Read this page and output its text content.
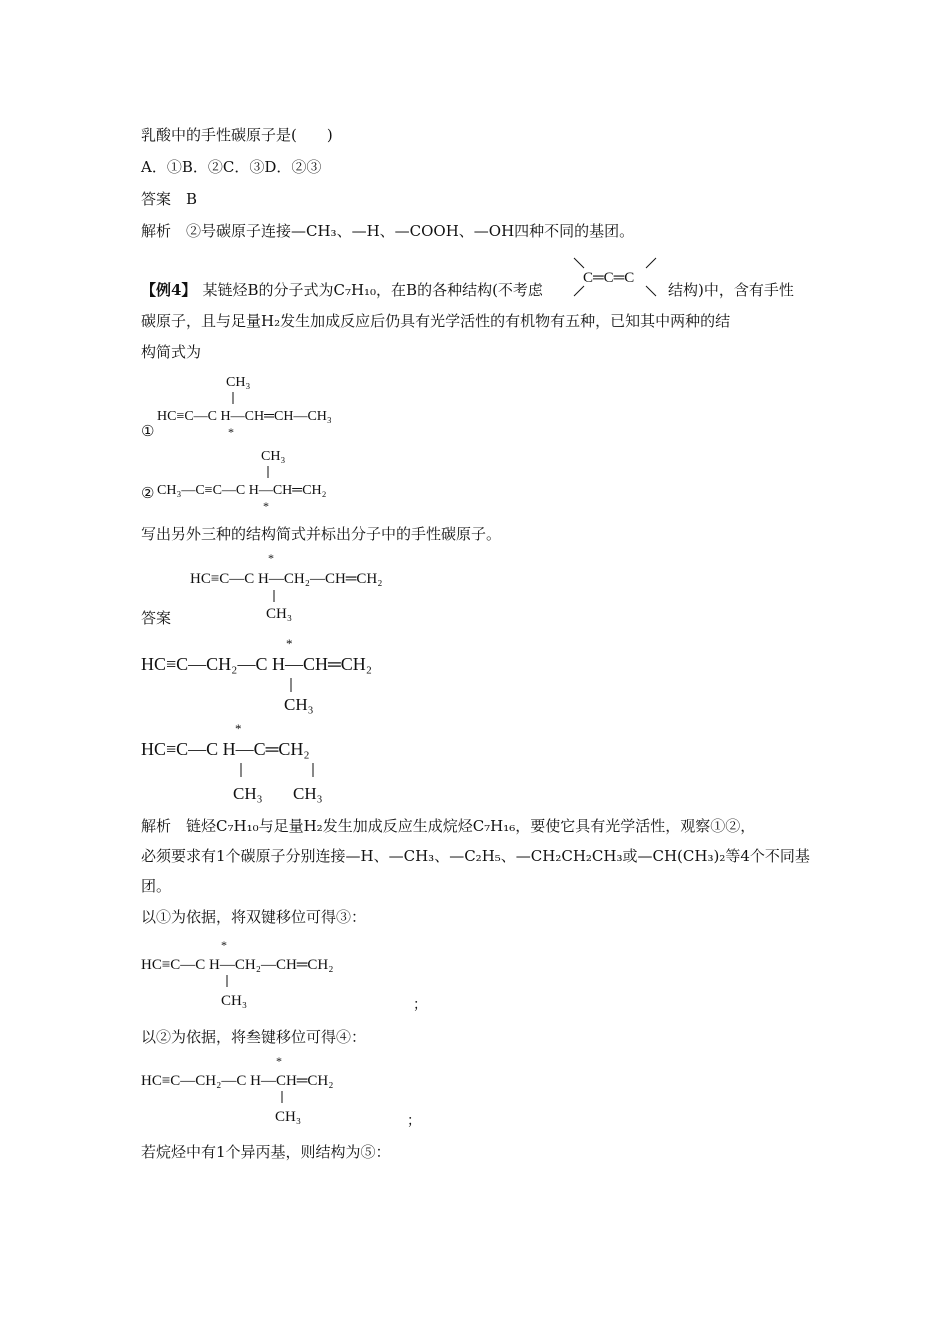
乳酸中的手性碳原子是(　　)
A．①B．②C．③D．②③
答案　B
解析　②号碳原子连接—CH₃、—H、—COOH、—OH四种不同的基团。
【例4】 某链烃B的分子式为C₇H₁₀，在B的各种结构(不考虑
C═C═C
结构)中，含有手性
碳原子，且与足量H₂发生加成反应后仍具有光学活性的有机物有五种，已知其中两种的结
构简式为
CH₃
HC≡C—C H—CH═CH—CH₃
*
①
CH₃
CH₃—C≡C—C H—CH═CH₂
*
②
写出另外三种的结构简式并标出分子中的手性碳原子。
*
HC≡C—C H—CH₂—CH═CH₂
CH₃
答案
*
HC≡C—CH₂—C H—CH═CH₂
CH₃
*
HC≡C—C H—C═CH₂
CH₃ CH₃
解析　链烃C₇H₁₀与足量H₂发生加成反应生成烷烃C₇H₁₆，要使它具有光学活性，观察①②，
必须要求有1个碳原子分别连接—H、—CH₃、—C₂H₅、—CH₂CH₂CH₃或—CH(CH₃)₂等4个不同基
团。
以①为依据，将双键移位可得③：
*
HC≡C—C H—CH₂—CH═CH₂
CH₃	；
以②为依据，将叁键移位可得④：
*
HC≡C—CH₂—C H—CH═CH₂
CH₃	；
若烷烃中有1个异丙基，则结构为⑤：
